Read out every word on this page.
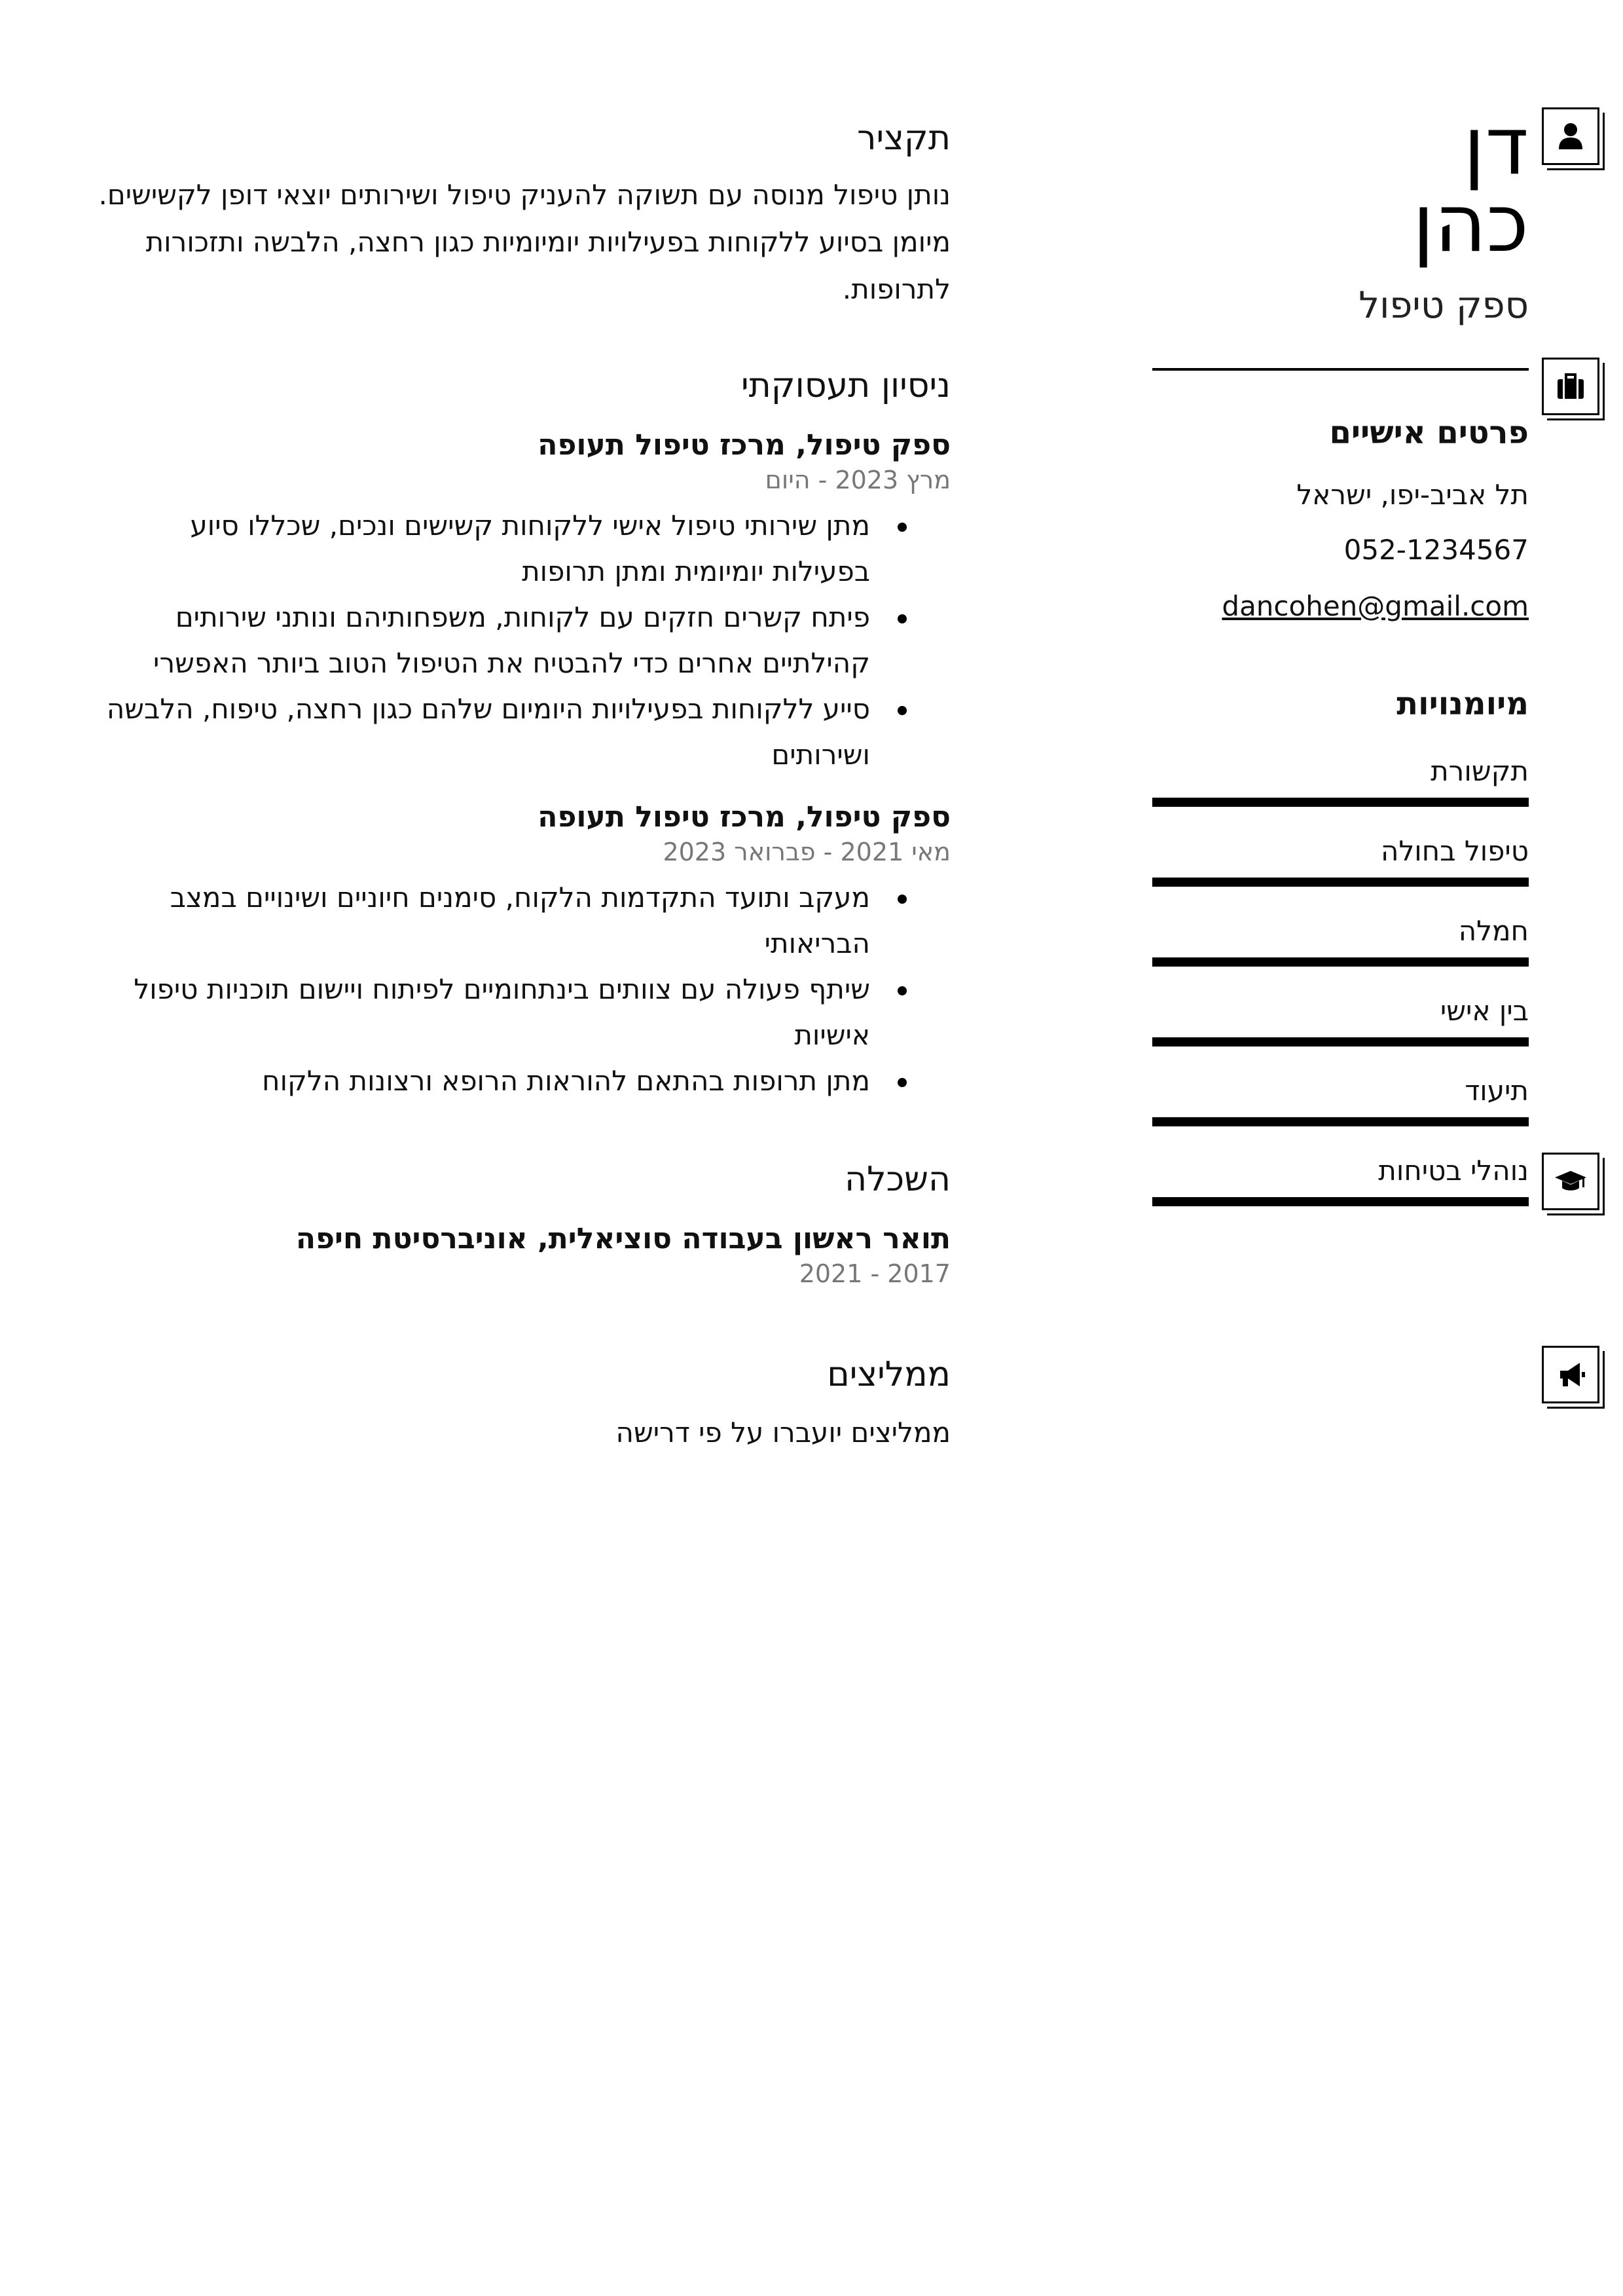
דן
כהן
ספק טיפול
פרטים אישיים
תל אביב-יפו, ישראל
052-1234567
dancohen@gmail.com
מיומנויות
תקשורת
טיפול בחולה
חמלה
בין אישי
תיעוד
נוהלי בטיחות
תקציר
נותן טיפול מנוסה עם תשוקה להעניק טיפול ושירותים יוצאי דופן לקשישים.
מיומן בסיוע ללקוחות בפעילויות יומיומיות כגון רחצה, הלבשה ותזכורות
לתרופות.
ניסיון תעסוקתי
ספק טיפול, מרכז טיפול תעופה
מרץ 2023 - היום
מתן שירותי טיפול אישי ללקוחות קשישים ונכים, שכללו סיוע
בפעילות יומיומית ומתן תרופות
פיתח קשרים חזקים עם לקוחות, משפחותיהם ונותני שירותים
קהילתיים אחרים כדי להבטיח את הטיפול הטוב ביותר האפשרי
סייע ללקוחות בפעילויות היומיום שלהם כגון רחצה, טיפוח, הלבשה
ושירותים
ספק טיפול, מרכז טיפול תעופה
מאי 2021 - פברואר 2023
מעקב ותועד התקדמות הלקוח, סימנים חיוניים ושינויים במצב
הבריאותי
שיתף פעולה עם צוותים בינתחומיים לפיתוח ויישום תוכניות טיפול
אישיות
מתן תרופות בהתאם להוראות הרופא ורצונות הלקוח
השכלה
תואר ראשון בעבודה סוציאלית, אוניברסיטת חיפה
2017 - 2021
ממליצים
ממליצים יועברו על פי דרישה
